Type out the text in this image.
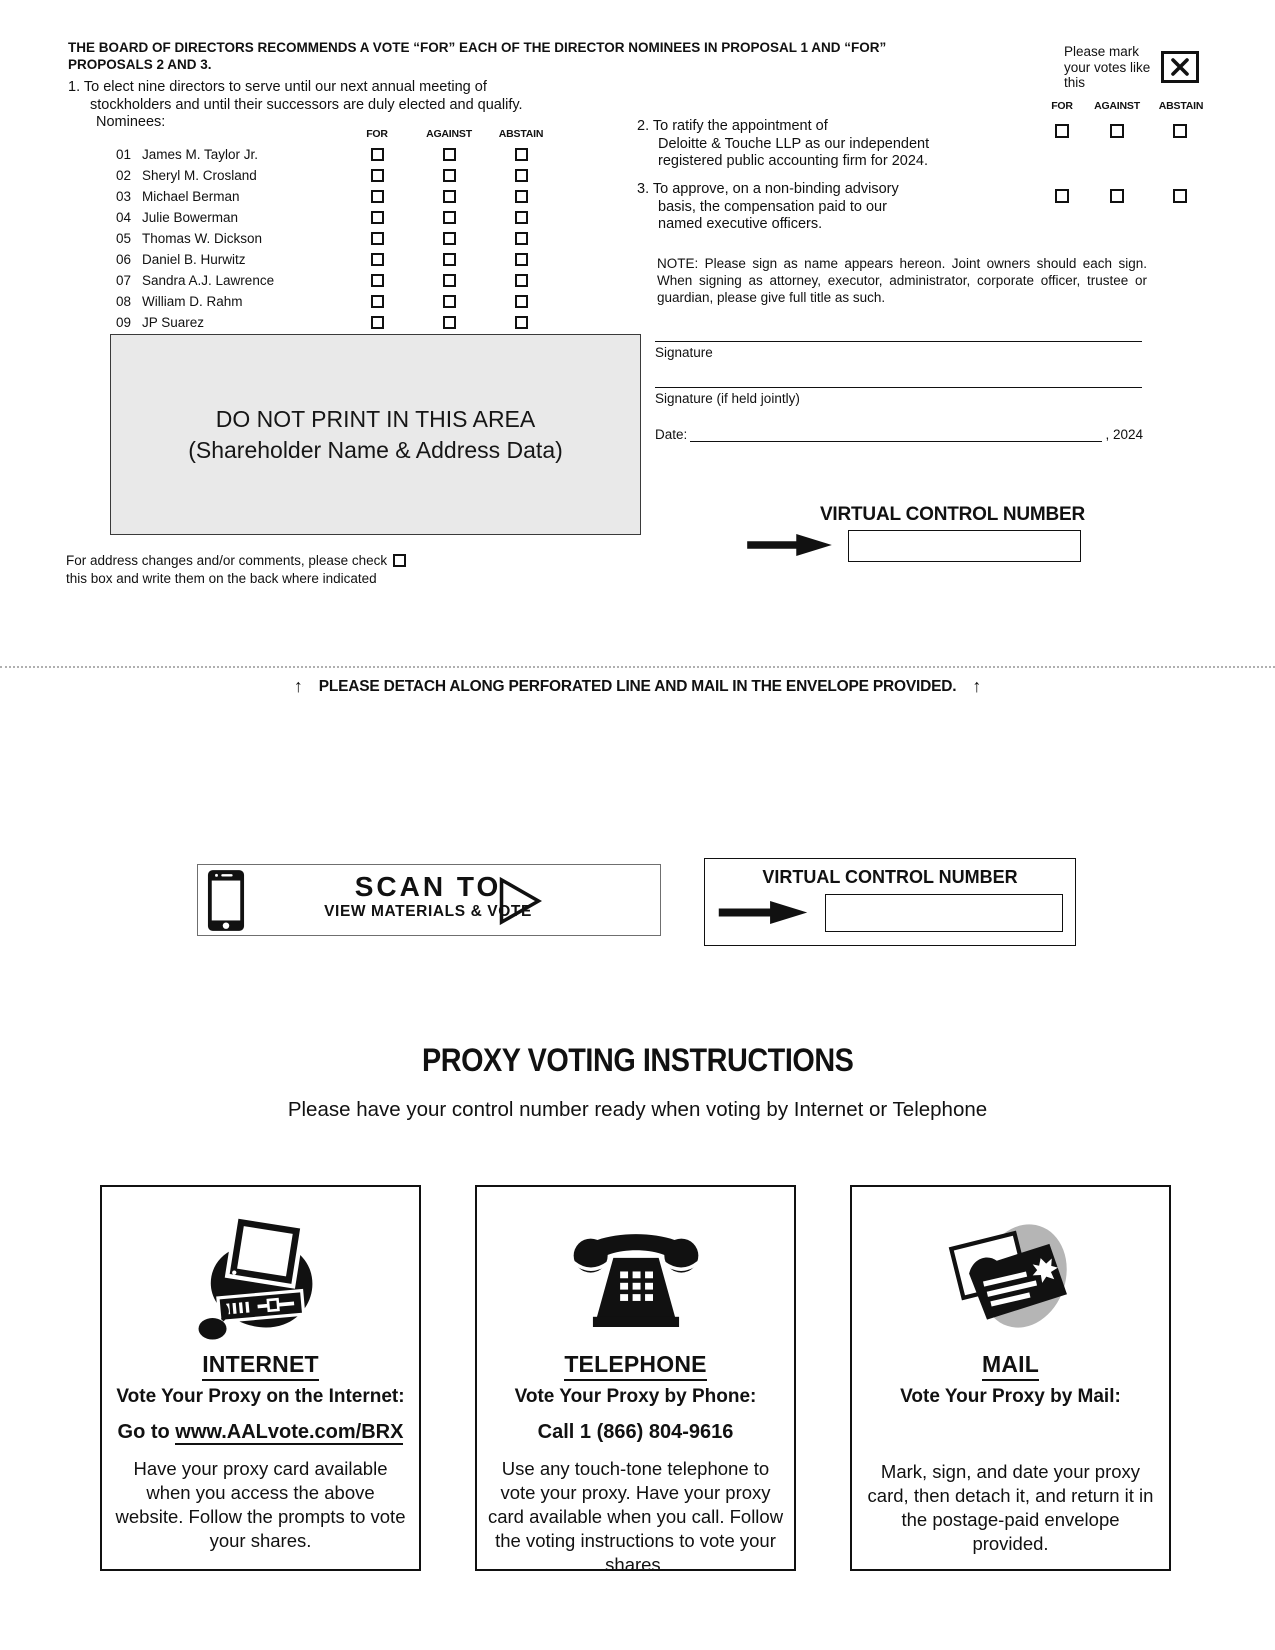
THE BOARD OF DIRECTORS RECOMMENDS A VOTE “FOR” EACH OF THE DIRECTOR NOMINEES IN PROPOSAL 1 AND “FOR”
PROPOSALS 2 AND 3.
Please mark your votes like this
1. To elect nine directors to serve until our next annual meeting of
stockholders and until their successors are duly elected and qualify.
Nominees:
FOR	AGAINST	ABSTAIN
01 James M. Taylor Jr.
02 Sheryl M. Crosland
03 Michael Berman
04 Julie Bowerman
05 Thomas W. Dickson
06 Daniel B. Hurwitz
07 Sandra A.J. Lawrence
08 William D. Rahm
09 JP Suarez
FOR	AGAINST	ABSTAIN
2. To ratify the appointment of
Deloitte & Touche LLP as our independent
registered public accounting firm for 2024.
3. To approve, on a non-binding advisory
basis, the compensation paid to our
named executive officers.
NOTE: Please sign as name appears hereon. Joint owners should each sign. When signing as attorney, executor, administrator, corporate officer, trustee or guardian, please give full title as such.
Signature
Signature (if held jointly)
Date:	, 2024
DO NOT PRINT IN THIS AREA
(Shareholder Name & Address Data)
For address changes and/or comments, please check
this box and write them on the back where indicated
VIRTUAL CONTROL NUMBER
↑ PLEASE DETACH ALONG PERFORATED LINE AND MAIL IN THE ENVELOPE PROVIDED. ↑
SCAN TO
VIEW MATERIALS & VOTE
VIRTUAL CONTROL NUMBER
PROXY VOTING INSTRUCTIONS
Please have your control number ready when voting by Internet or Telephone
INTERNET
Vote Your Proxy on the Internet:
Go to www.AALvote.com/BRX
Have your proxy card available when you access the above website. Follow the prompts to vote your shares.
TELEPHONE
Vote Your Proxy by Phone:
Call 1 (866) 804-9616
Use any touch-tone telephone to vote your proxy. Have your proxy card available when you call. Follow the voting instructions to vote your shares.
MAIL
Vote Your Proxy by Mail:
Mark, sign, and date your proxy card, then detach it, and return it in the postage-paid envelope provided.
